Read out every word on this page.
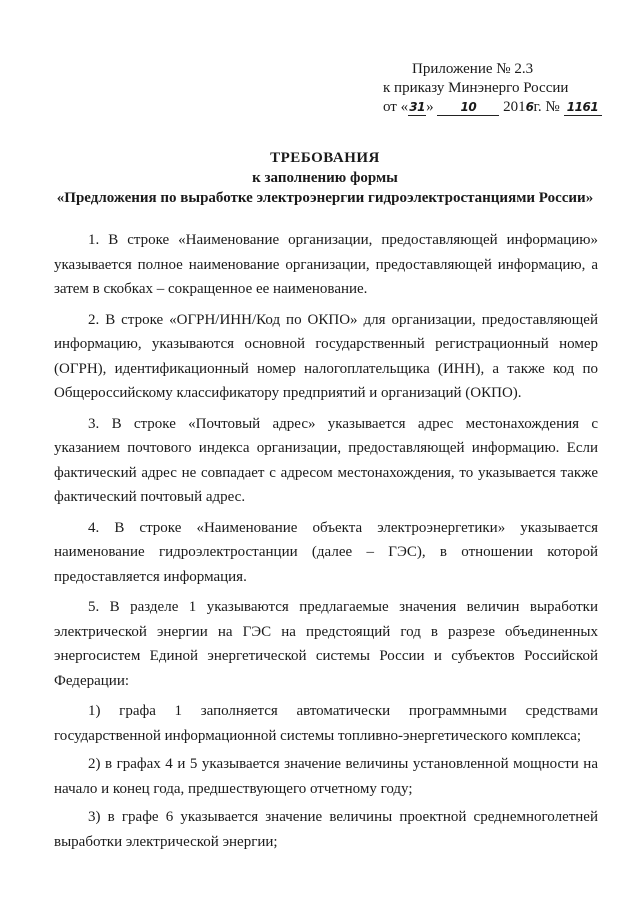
Приложение № 2.3
к приказу Минэнерго России
от «31» 10 2016г. № 1161
ТРЕБОВАНИЯ
к заполнению формы
«Предложения по выработке электроэнергии гидроэлектростанциями России»

1. В строке «Наименование организации, предоставляющей информацию» указывается полное наименование организации, предоставляющей информацию, а затем в скобках – сокращенное ее наименование.

2. В строке «ОГРН/ИНН/Код по ОКПО» для организации, предоставляющей информацию, указываются основной государственный регистрационный номер (ОГРН), идентификационный номер налогоплательщика (ИНН), а также код по Общероссийскому классификатору предприятий и организаций (ОКПО).

3. В строке «Почтовый адрес» указывается адрес местонахождения с указанием почтового индекса организации, предоставляющей информацию. Если фактический адрес не совпадает с адресом местонахождения, то указывается также фактический почтовый адрес.

4. В строке «Наименование объекта электроэнергетики» указывается наименование гидроэлектростанции (далее – ГЭС), в отношении которой предоставляется информация.

5. В разделе 1 указываются предлагаемые значения величин выработки электрической энергии на ГЭС на предстоящий год в разрезе объединенных энергосистем Единой энергетической системы России и субъектов Российской Федерации:

1) графа 1 заполняется автоматически программными средствами государственной информационной системы топливно-энергетического комплекса;

2) в графах 4 и 5 указывается значение величины установленной мощности на начало и конец года, предшествующего отчетному году;

3) в графе 6 указывается значение величины проектной среднемноголетней выработки электрической энергии;
